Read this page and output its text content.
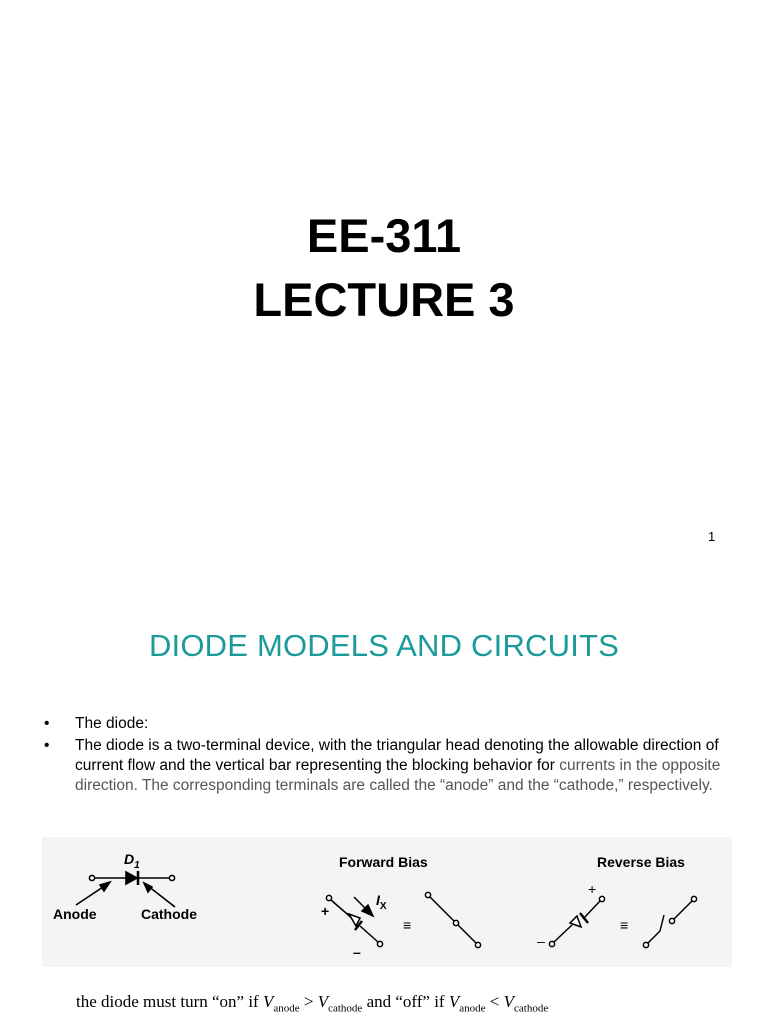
EE-311
LECTURE 3
1
DIODE MODELS AND CIRCUITS
• The diode:
• The diode is a two-terminal device, with the triangular head denoting the allowable direction of current flow and the vertical bar representing the blocking behavior for currents in the opposite direction. The corresponding terminals are called the “anode” and the “cathode,” respectively.
$D_1$
Anode	Cathode
Forward Bias	Reverse Bias
$I_X$
+
–
≡
+
–
≡
the diode must turn “on” if $V_{anode} > V_{cathode}$ and “off” if $V_{anode} < V_{cathode}$
